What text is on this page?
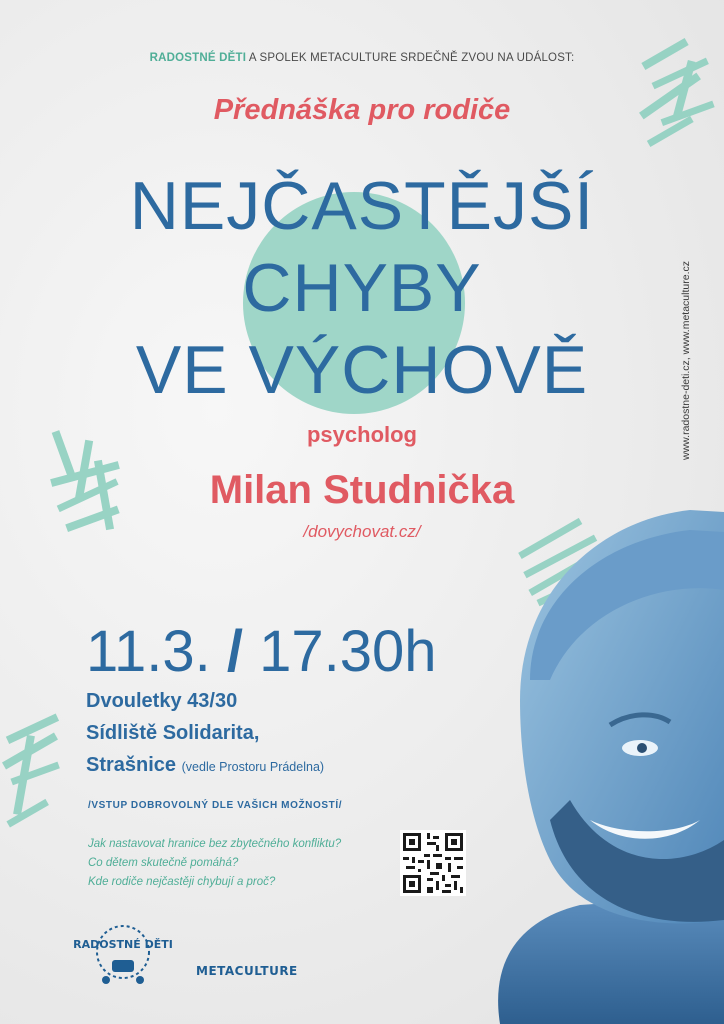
RADOSTNÉ DĚTI A SPOLEK METACULTURE SRDEČNĚ ZVOU NA UDÁLOST:
Přednáška pro rodiče
NEJČASTĚJŠÍ
CHYBY
VE VÝCHOVĚ
psycholog
Milan Studnička
/dovychovat.cz/
11.3. / 17.30h
Dvouletky 43/30
Sídliště Solidarita,
Strašnice (vedle Prostoru Prádelna)
/VSTUP DOBROVOLNÝ DLE VAŠICH MOŽNOSTÍ/
Jak nastavovat hranice bez zbytečného konfliktu?
Co dětem skutečně pomáhá?
Kde rodiče nejčastěji chybují a proč?
www.radostne-deti.cz, www.metaculture.cz
RADOSTNÉ DĚTI
METACULTURE
